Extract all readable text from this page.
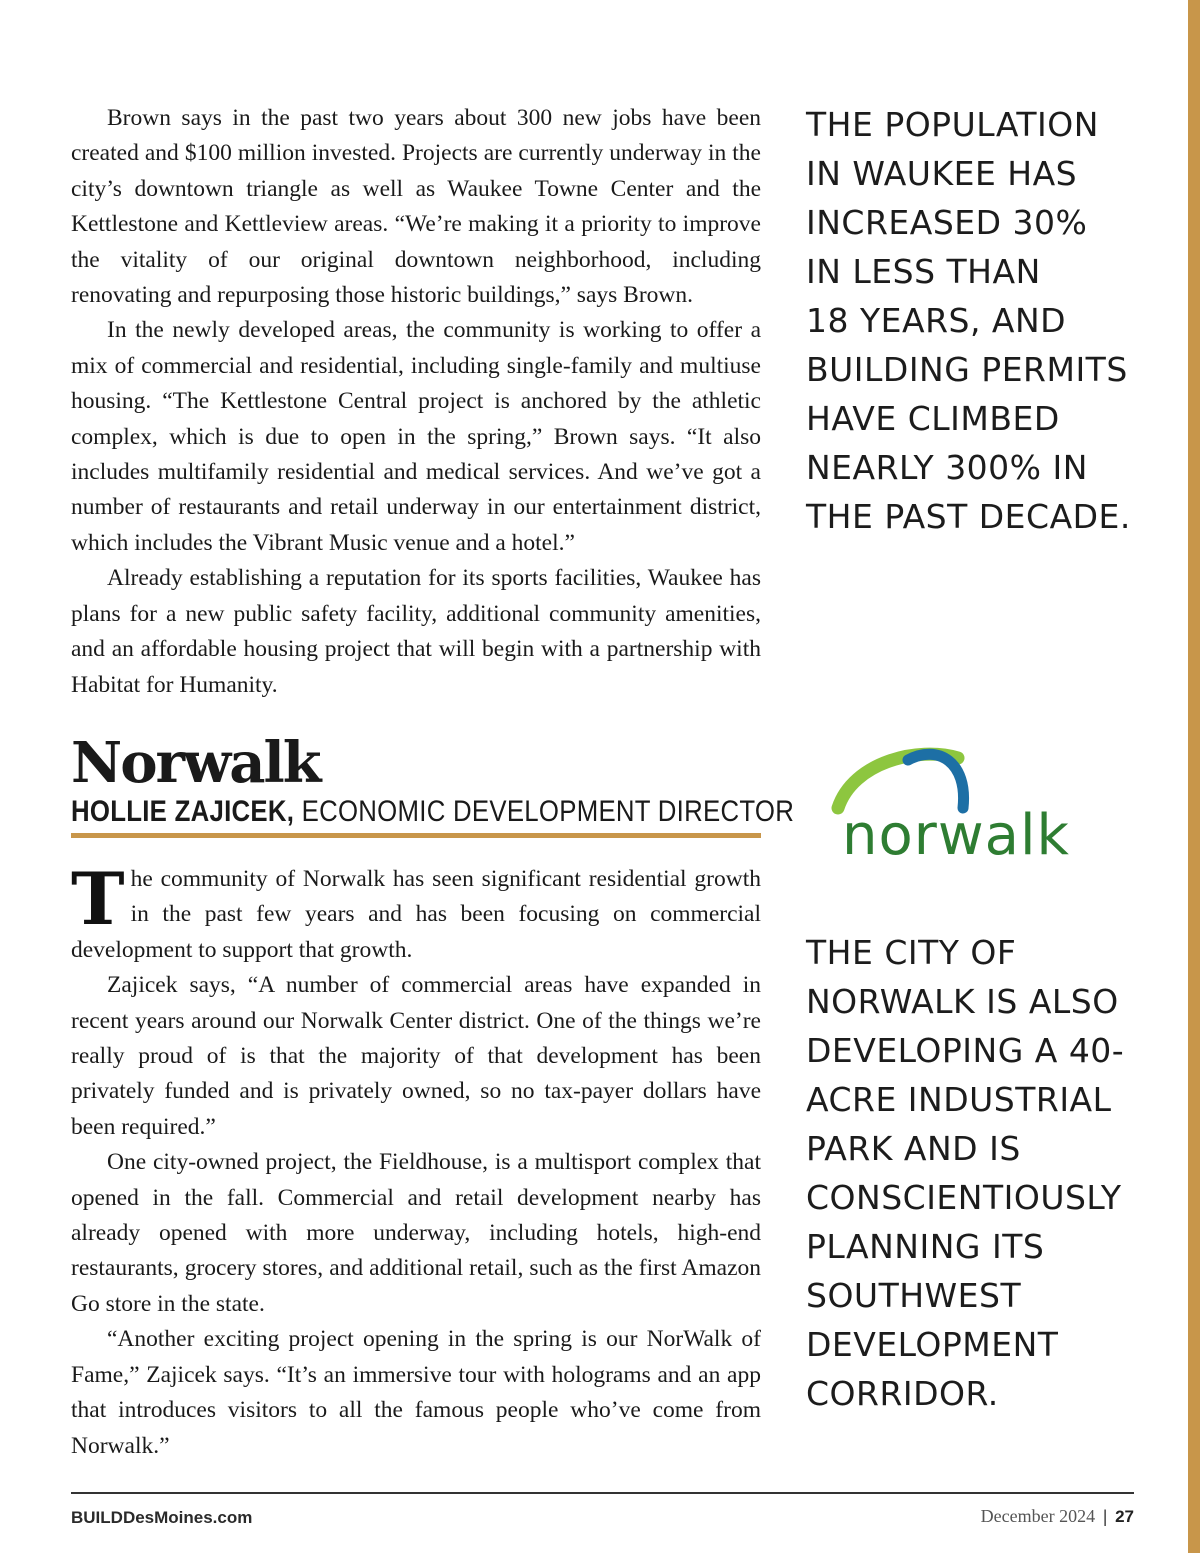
Brown says in the past two years about 300 new jobs have been created and $100 million invested. Projects are currently underway in the city’s downtown triangle as well as Waukee Towne Center and the Kettlestone and Kettleview areas. “We’re making it a priority to improve the vitality of our original downtown neighborhood, including renovating and repurposing those historic buildings,” says Brown.

In the newly developed areas, the community is working to offer a mix of commercial and residential, including single-family and multiuse housing. “The Kettlestone Central project is anchored by the athletic complex, which is due to open in the spring,” Brown says. “It also includes multifamily residential and medical services. And we’ve got a number of restaurants and retail underway in our entertainment district, which includes the Vibrant Music venue and a hotel.”

Already establishing a reputation for its sports facilities, Waukee has plans for a new public safety facility, additional community amenities, and an affordable housing project that will begin with a partnership with Habitat for Humanity.

THE POPULATION
IN WAUKEE HAS
INCREASED 30%
IN LESS THAN
18 YEARS, AND
BUILDING PERMITS
HAVE CLIMBED
NEARLY 300% IN
THE PAST DECADE.
Norwalk
HOLLIE ZAJICEK, ECONOMIC DEVELOPMENT DIRECTOR

The community of Norwalk has seen significant residential growth in the past few years and has been focusing on commercial development to support that growth.

Zajicek says, “A number of commercial areas have expanded in recent years around our Norwalk Center district. One of the things we’re really proud of is that the majority of that development has been privately funded and is privately owned, so no tax-payer dollars have been required.”

One city-owned project, the Fieldhouse, is a multisport complex that opened in the fall. Commercial and retail development nearby has already opened with more underway, including hotels, high-end restaurants, grocery stores, and additional retail, such as the first Amazon Go store in the state.

“Another exciting project opening in the spring is our NorWalk of Fame,” Zajicek says. “It’s an immersive tour with holograms and an app that introduces visitors to all the famous people who’ve come from Norwalk.”

norwalk
THE CITY OF
NORWALK IS ALSO
DEVELOPING A 40-
ACRE INDUSTRIAL
PARK AND IS
CONSCIENTIOUSLY
PLANNING ITS
SOUTHWEST
DEVELOPMENT
CORRIDOR.
BUILDDesMoines.com	December 2024 | 27
